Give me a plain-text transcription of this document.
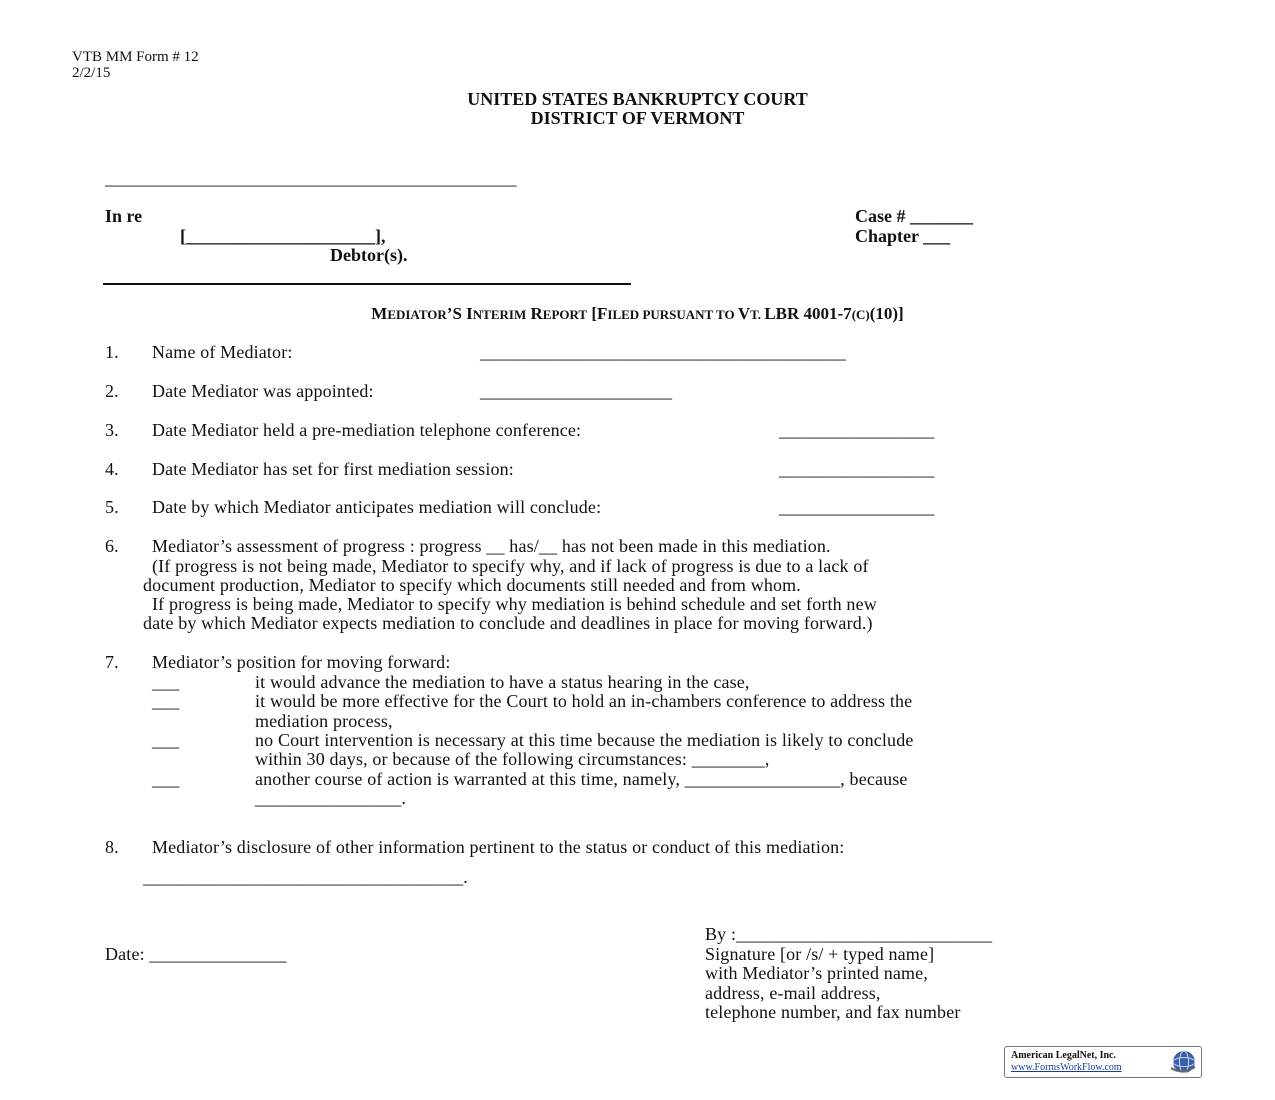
VTB MM Form # 12
2/2/15
UNITED STATES BANKRUPTCY COURT
DISTRICT OF VERMONT
_____________________________________________
In re
[_____________________],
Debtor(s).
Case # _______
Chapter ___
MEDIATOR’S INTERIM REPORT [FILED PURSUANT TO VT. LBR 4001-7(C)(10)]
1. Name of Mediator:	________________________________________
2. Date Mediator was appointed:	_____________________
3. Date Mediator held a pre-mediation telephone conference:	_________________
4. Date Mediator has set for first mediation session:	_________________
5. Date by which Mediator anticipates mediation will conclude:	_________________
6. Mediator’s assessment of progress : progress __ has/__ has not been made in this mediation.
(If progress is not being made, Mediator to specify why, and if lack of progress is due to a lack of
document production, Mediator to specify which documents still needed and from whom.
If progress is being made, Mediator to specify why mediation is behind schedule and set forth new
date by which Mediator expects mediation to conclude and deadlines in place for moving forward.)
7. Mediator’s position for moving forward:
___	it would advance the mediation to have a status hearing in the case,
___	it would be more effective for the Court to hold an in-chambers conference to address the
mediation process,
___	no Court intervention is necessary at this time because the mediation is likely to conclude
within 30 days, or because of the following circumstances: ________,
___	another course of action is warranted at this time, namely, _________________, because
________________.
8. Mediator’s disclosure of other information pertinent to the status or conduct of this mediation:
___________________________________.
Date: _______________
By :____________________________
Signature [or /s/ + typed name]
with Mediator’s printed name,
address, e-mail address,
telephone number, and fax number
American LegalNet, Inc.
www.FormsWorkFlow.com
